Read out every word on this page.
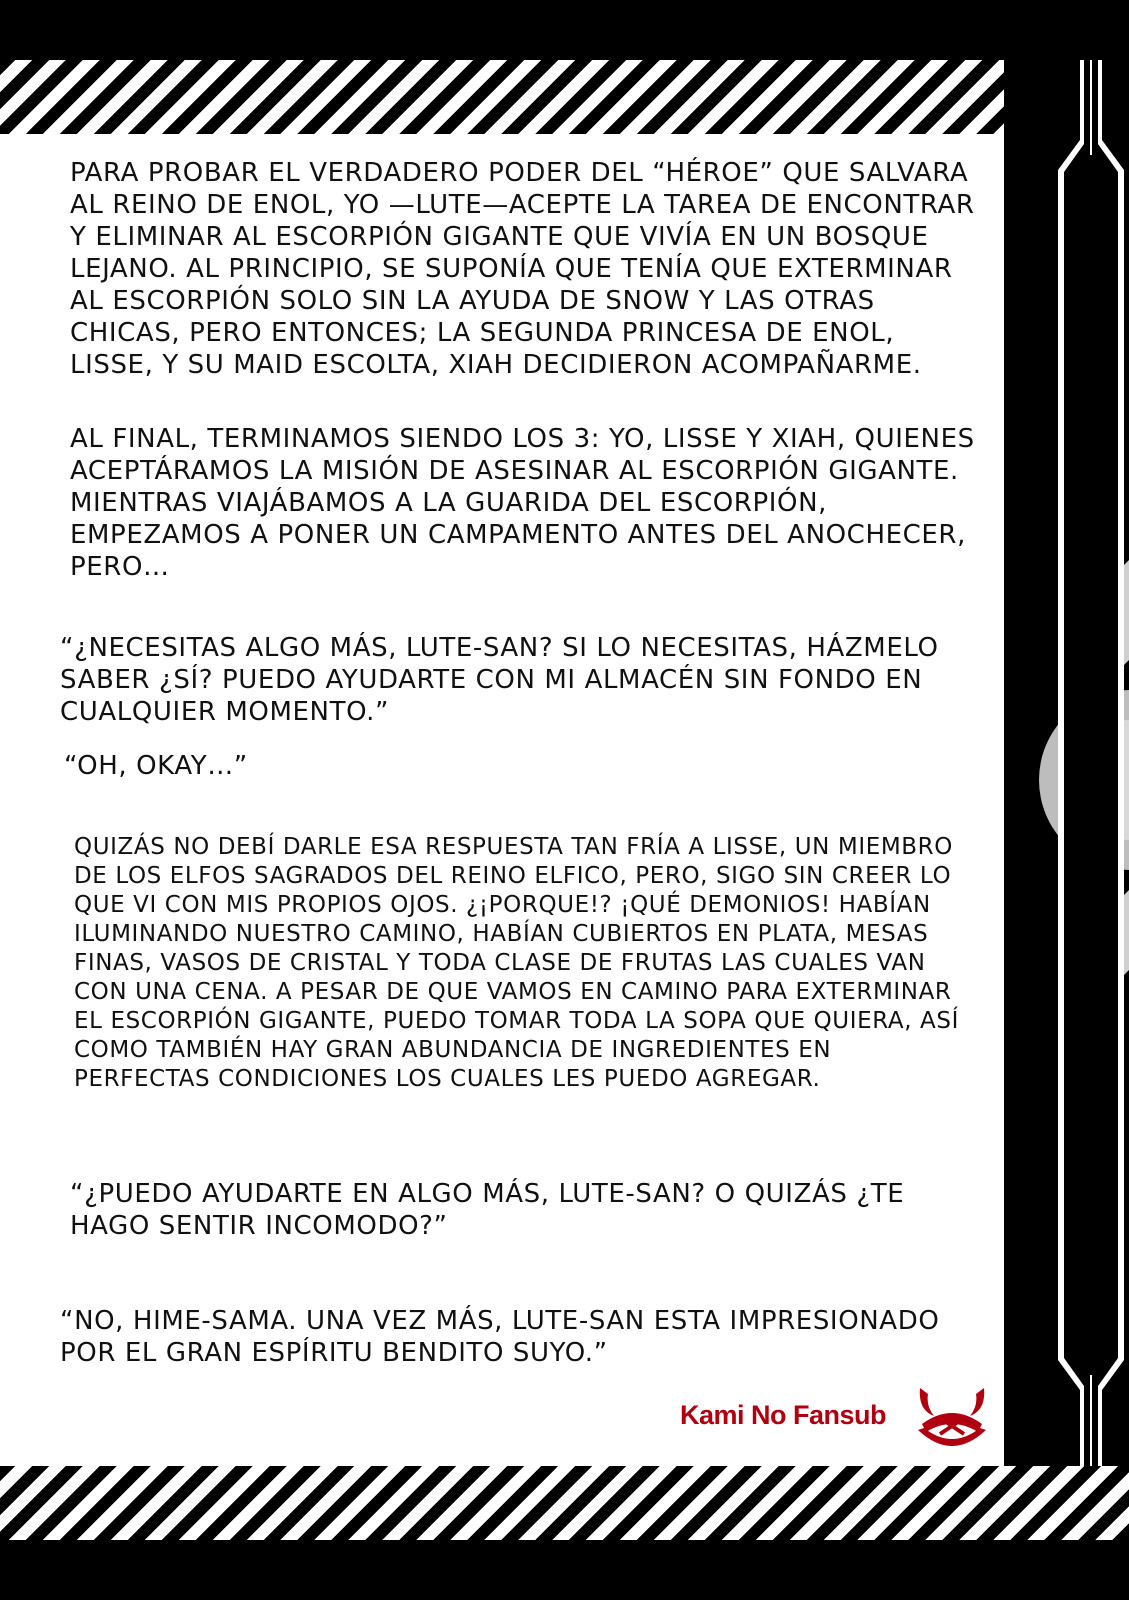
PARA PROBAR EL VERDADERO PODER DEL “HÉROE” QUE SALVARA AL REINO DE ENOL, YO —LUTE—ACEPTE LA TAREA DE ENCONTRAR Y ELIMINAR AL ESCORPIÓN GIGANTE QUE VIVÍA EN UN BOSQUE LEJANO. AL PRINCIPIO, SE SUPONÍA QUE TENÍA QUE EXTERMINAR AL ESCORPIÓN SOLO SIN LA AYUDA DE SNOW Y LAS OTRAS CHICAS, PERO ENTONCES; LA SEGUNDA PRINCESA DE ENOL, LISSE, Y SU MAID ESCOLTA, XIAH DECIDIERON ACOMPAÑARME.

AL FINAL, TERMINAMOS SIENDO LOS 3: YO, LISSE Y XIAH, QUIENES ACEPTÁRAMOS LA MISIÓN DE ASESINAR AL ESCORPIÓN GIGANTE. MIENTRAS VIAJÁBAMOS A LA GUARIDA DEL ESCORPIÓN, EMPEZAMOS A PONER UN CAMPAMENTO ANTES DEL ANOCHECER, PERO…

“¿NECESITAS ALGO MÁS, LUTE-SAN? SI LO NECESITAS, HÁZMELO SABER ¿SÍ? PUEDO AYUDARTE CON MI ALMACÉN SIN FONDO EN CUALQUIER MOMENTO.”

“OH, OKAY…”

QUIZÁS NO DEBÍ DARLE ESA RESPUESTA TAN FRÍA A LISSE, UN MIEMBRO DE LOS ELFOS SAGRADOS DEL REINO ELFICO, PERO, SIGO SIN CREER LO QUE VI CON MIS PROPIOS OJOS. ¿¡PORQUE!? ¡QUÉ DEMONIOS! HABÍAN ILUMINANDO NUESTRO CAMINO, HABÍAN CUBIERTOS EN PLATA, MESAS FINAS, VASOS DE CRISTAL Y TODA CLASE DE FRUTAS LAS CUALES VAN CON UNA CENA. A PESAR DE QUE VAMOS EN CAMINO PARA EXTERMINAR EL ESCORPIÓN GIGANTE, PUEDO TOMAR TODA LA SOPA QUE QUIERA, ASÍ COMO TAMBIÉN HAY GRAN ABUNDANCIA DE INGREDIENTES EN PERFECTAS CONDICIONES LOS CUALES LES PUEDO AGREGAR.

“¿PUEDO AYUDARTE EN ALGO MÁS, LUTE-SAN? O QUIZÁS ¿TE HAGO SENTIR INCOMODO?”

“NO, HIME-SAMA. UNA VEZ MÁS, LUTE-SAN ESTA IMPRESIONADO POR EL GRAN ESPÍRITU BENDITO SUYO.”

Kami No Fansub
